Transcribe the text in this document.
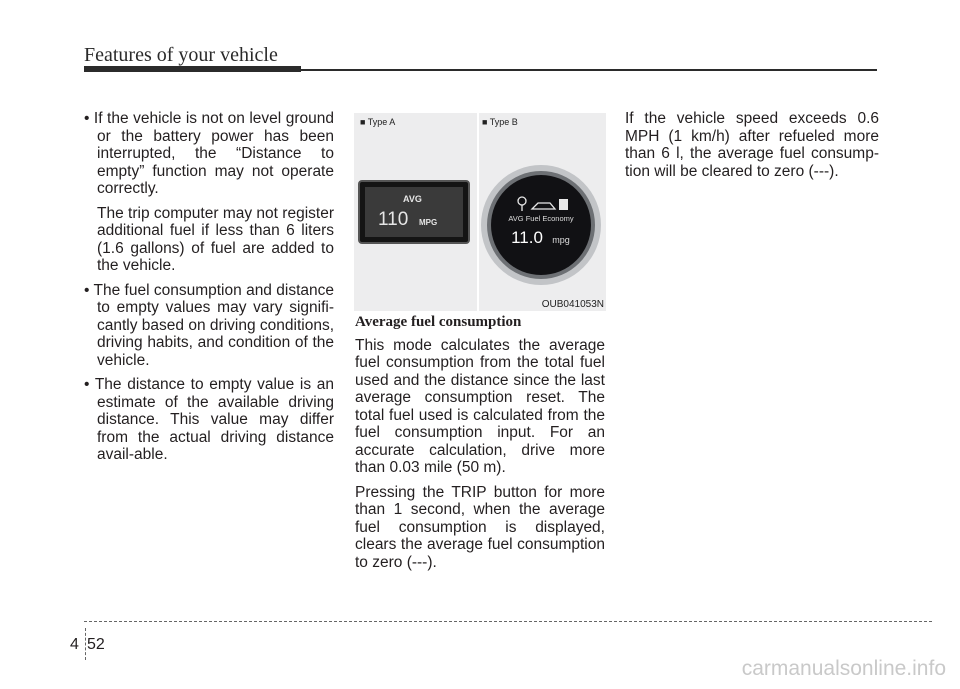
Features of your vehicle

• If the vehicle is not on level ground or the battery power has been interrupted, the “Distance to empty” function may not operate correctly.

The trip computer may not register additional fuel if less than 6 liters (1.6 gallons) of fuel are added to the vehicle.

• The fuel consumption and distance to empty values may vary signifi-cantly based on driving conditions, driving habits, and condition of the vehicle.

• The distance to empty value is an estimate of the available driving distance. This value may differ from the actual driving distance avail-able.

■ Type A	■ Type B
AVG
110 MPG	AVG Fuel Economy
11.0 mpg
OUB041053N

Average fuel consumption

This mode calculates the average fuel consumption from the total fuel used and the distance since the last average consumption reset. The total fuel used is calculated from the fuel consumption input. For an accurate calculation, drive more than 0.03 mile (50 m).

Pressing the TRIP button for more than 1 second, when the average fuel consumption is displayed, clears the average fuel consumption to zero (---).

If the vehicle speed exceeds 0.6 MPH (1 km/h) after refueled more than 6 l, the average fuel consump-tion will be cleared to zero (---).

4 52
carmanualsonline.info
